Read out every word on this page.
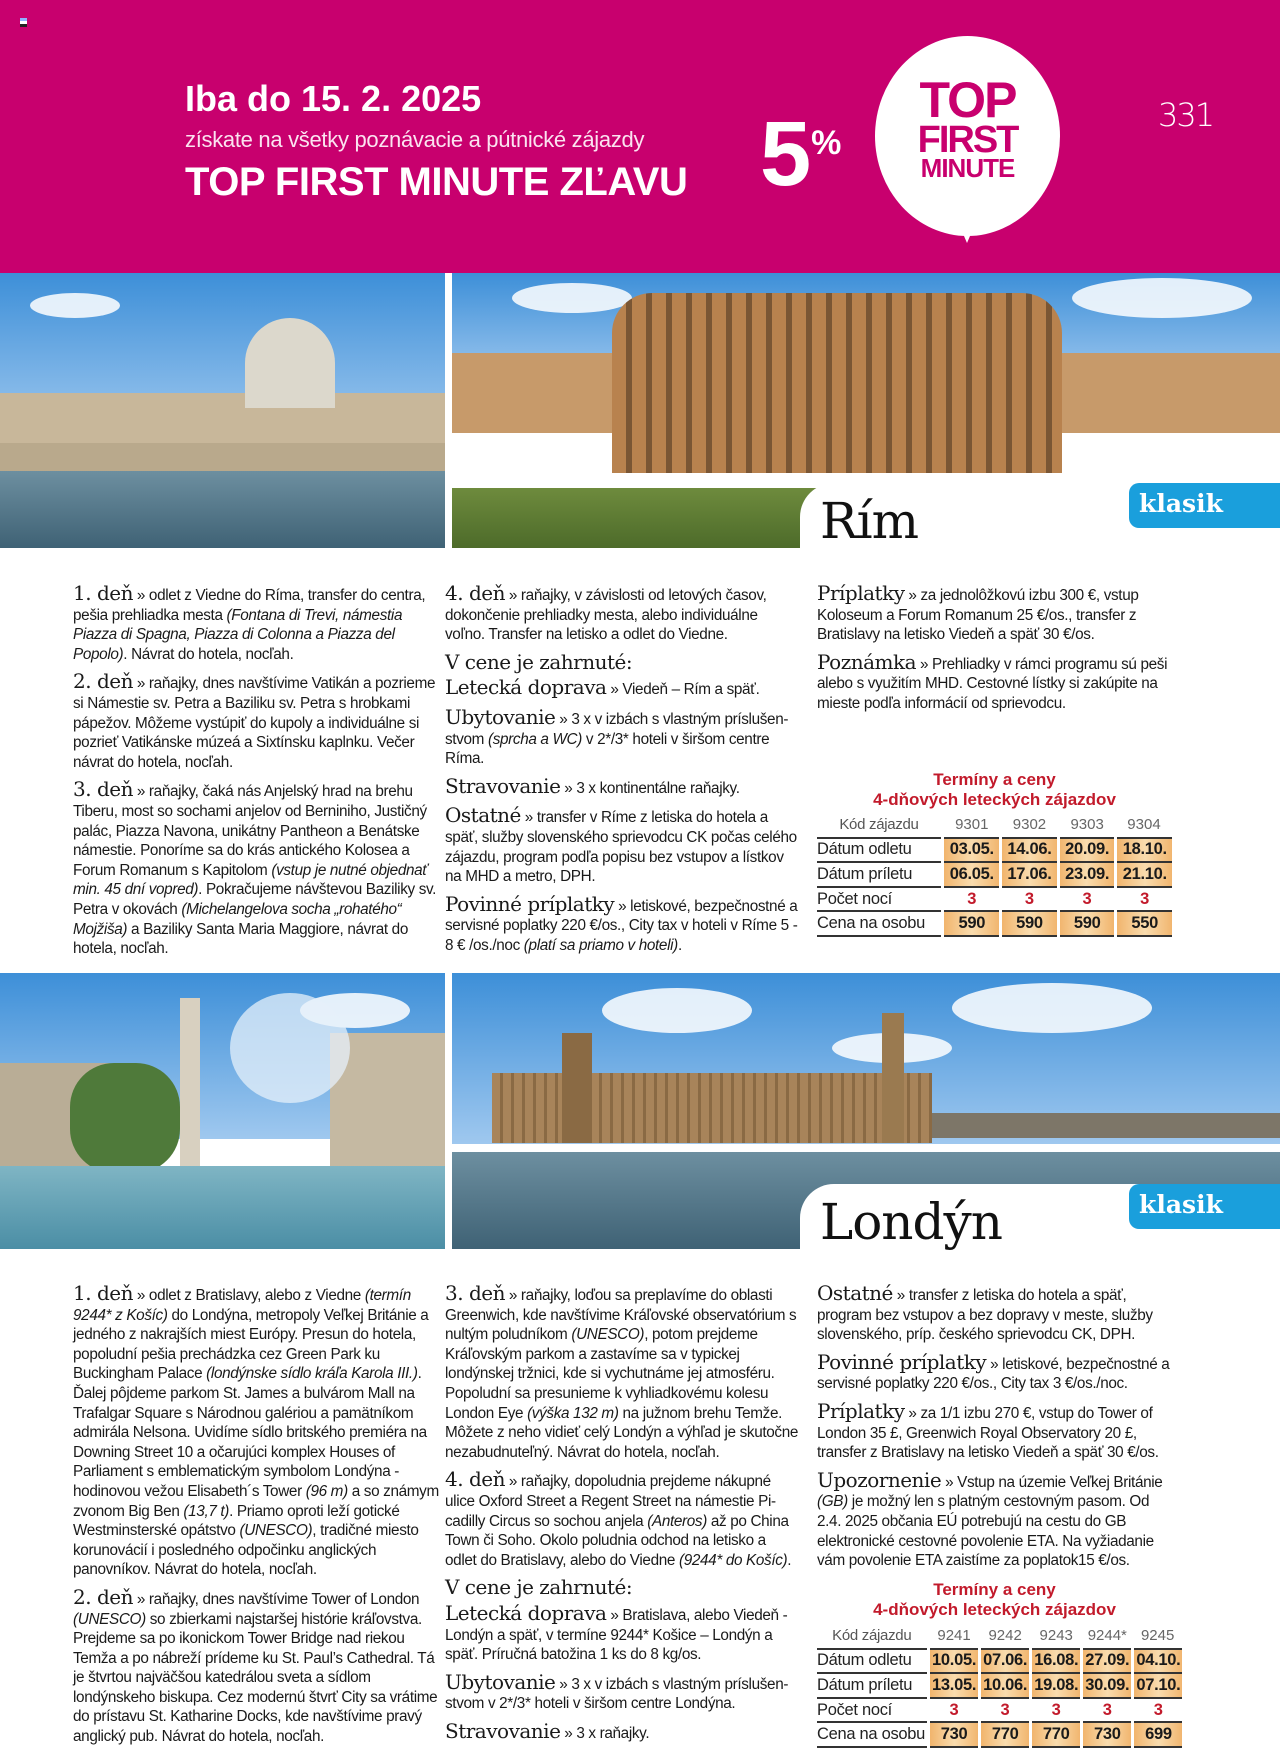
Iba do 15. 2. 2025
získate na všetky poznávacie a pútnické zájazdy
TOP FIRST MINUTE ZĽAVU 5%
TOP
FIRST
MINUTE
331
Rím	klasik

1. deň » odlet z Viedne do Ríma, transfer do centra, pešia prehliadka mesta (Fontana di Trevi, námestia Piazza di Spagna, Piazza di Colonna a Piazza del Popolo). Návrat do hotela, nocľah.

2. deň » raňajky, dnes navštívime Vatikán a pozrieme si Námestie sv. Petra a Baziliku sv. Petra s hrobkami pápežov. Môžeme vystúpiť do kupoly a individuálne si pozrieť Vatikánske múzeá a Sixtínsku kaplnku. Večer návrat do hotela, nocľah.

3. deň » raňajky, čaká nás Anjelský hrad na brehu Tiberu, most so sochami anjelov od Berniniho, Justičný palác, Piazza Navona, unikátny Pantheon a Benátske námestie. Ponoríme sa do krás antického Kolosea a Forum Romanum s Kapitolom (vstup je nutné objednať min. 45 dní vopred). Pokračujeme návštevou Baziliky sv. Petra v okovách (Michelangelova socha „rohatého“ Mojžiša) a Baziliky Santa Maria Maggiore, návrat do hotela, nocľah.

4. deň » raňajky, v závislosti od letových časov, dokončenie prehliadky mesta, alebo individuálne voľno. Transfer na letisko a odlet do Viedne.

V cene je zahrnuté:

Letecká doprava » Viedeň – Rím a späť.

Ubytovanie » 3 x v izbách s vlastným príslušenstvom (sprcha a WC) v 2*/3* hoteli v širšom centre Ríma.

Stravovanie » 3 x kontinentálne raňajky.

Ostatné » transfer v Ríme z letiska do hotela a späť, služby slovenského sprievodcu CK počas celého zájazdu, program podľa popisu bez vstupov a lístkov na MHD a metro, DPH.

Povinné príplatky » letiskové, bezpečnostné a servisné poplatky 220 €/os., City tax v hoteli v Ríme 5 - 8 € /os./noc (platí sa priamo v hoteli).

Príplatky » za jednolôžkovú izbu 300 €, vstup Koloseum a Forum Romanum 25 €/os., transfer z Bratislavy na letisko Viedeň a späť 30 €/os.

Poznámka » Prehliadky v rámci programu sú peši alebo s využitím MHD. Cestovné lístky si zakúpite na mieste podľa informácií od sprievodcu.

Termíny a ceny
4-dňových leteckých zájazdov
Kód zájazdu	9301	9302	9303	9304
Dátum odletu	03.05.	14.06.	20.09.	18.10.
Dátum príletu	06.05.	17.06.	23.09.	21.10.
Počet nocí	3	3	3	3
Cena na osobu	590	590	590	550
Londýn	klasik

1. deň » odlet z Bratislavy, alebo z Viedne (termín 9244* z Košíc) do Londýna, metropoly Veľkej Británie a jedného z nakrajších miest Európy. Presun do hotela, popoludní pešia prechádzka cez Green Park ku Buckingham Palace (londýnske sídlo kráľa Karola III.). Ďalej pôjdeme parkom St. James a bulvárom Mall na Trafalgar Square s Národnou galériou a pamätníkom admirála Nelsona. Uvidíme sídlo britského premiéra na Downing Street 10 a očarujúci komplex Houses of Parliament s emblematickým symbolom Londýna - hodinovou vežou Elisabeth´s Tower (96 m) a so známym zvonom Big Ben (13,7 t). Priamo oproti leží gotické Westminsterské opátstvo (UNESCO), tradičné miesto korunovácií i posledného odpočinku anglických panovníkov. Návrat do hotela, nocľah.

2. deň » raňajky, dnes navštívime Tower of London (UNESCO) so zbierkami najstaršej histórie kráľovstva. Prejdeme sa po ikonickom Tower Bridge nad riekou Temža a po nábreží prídeme ku St. Paul’s Cathedral. Tá je štvrtou najväčšou katedrálou sveta a sídlom londýnskeho biskupa. Cez modernú štvrť City sa vrátime do prístavu St. Katharine Docks, kde navštívime pravý anglický pub. Návrat do hotela, nocľah.

3. deň » raňajky, loďou sa preplavíme do oblasti Greenwich, kde navštívime Kráľovské observatórium s nultým poludníkom (UNESCO), potom prejdeme Kráľovským parkom a zastavíme sa v typickej londýnskej tržnici, kde si vychutnáme jej atmosféru. Popoludní sa presunieme k vyhliadkovému kolesu London Eye (výška 132 m) na južnom brehu Temže. Môžete z neho vidieť celý Londýn a výhľad je skutočne nezabudnuteľný. Návrat do hotela, nocľah.

4. deň » raňajky, dopoludnia prejdeme nákupné ulice Oxford Street a Regent Street na námestie Picadilly Circus so sochou anjela (Anteros) až po China Town či Soho. Okolo poludnia odchod na letisko a odlet do Bratislavy, alebo do Viedne (9244* do Košíc).

V cene je zahrnuté:

Letecká doprava » Bratislava, alebo Viedeň - Londýn a späť, v termíne 9244* Košice – Londýn a späť. Príručná batožina 1 ks do 8 kg/os.

Ubytovanie » 3 x v izbách s vlastným príslušenstvom v 2*/3* hoteli v širšom centre Londýna.

Stravovanie » 3 x raňajky.

Ostatné » transfer z letiska do hotela a späť, program bez vstupov a bez dopravy v meste, služby slovenského, príp. českého sprievodcu CK, DPH.

Povinné príplatky » letiskové, bezpečnostné a servisné poplatky 220 €/os., City tax 3 €/os./noc.

Príplatky » za 1/1 izbu 270 €, vstup do Tower of London 35 £, Greenwich Royal Observatory 20 £, transfer z Bratislavy na letisko Viedeň a späť 30 €/os.

Upozornenie » Vstup na územie Veľkej Británie (GB) je možný len s platným cestovným pasom. Od 2.4. 2025 občania EÚ potrebujú na cestu do GB elektronické cestovné povolenie ETA. Na vyžiadanie vám povolenie ETA zaistíme za poplatok15 €/os.

Termíny a ceny
4-dňových leteckých zájazdov
Kód zájazdu	9241	9242	9243	9244*	9245
Dátum odletu	10.05.	07.06.	16.08.	27.09.	04.10.
Dátum príletu	13.05.	10.06.	19.08.	30.09.	07.10.
Počet nocí	3	3	3	3	3
Cena na osobu	730	770	770	730	699
